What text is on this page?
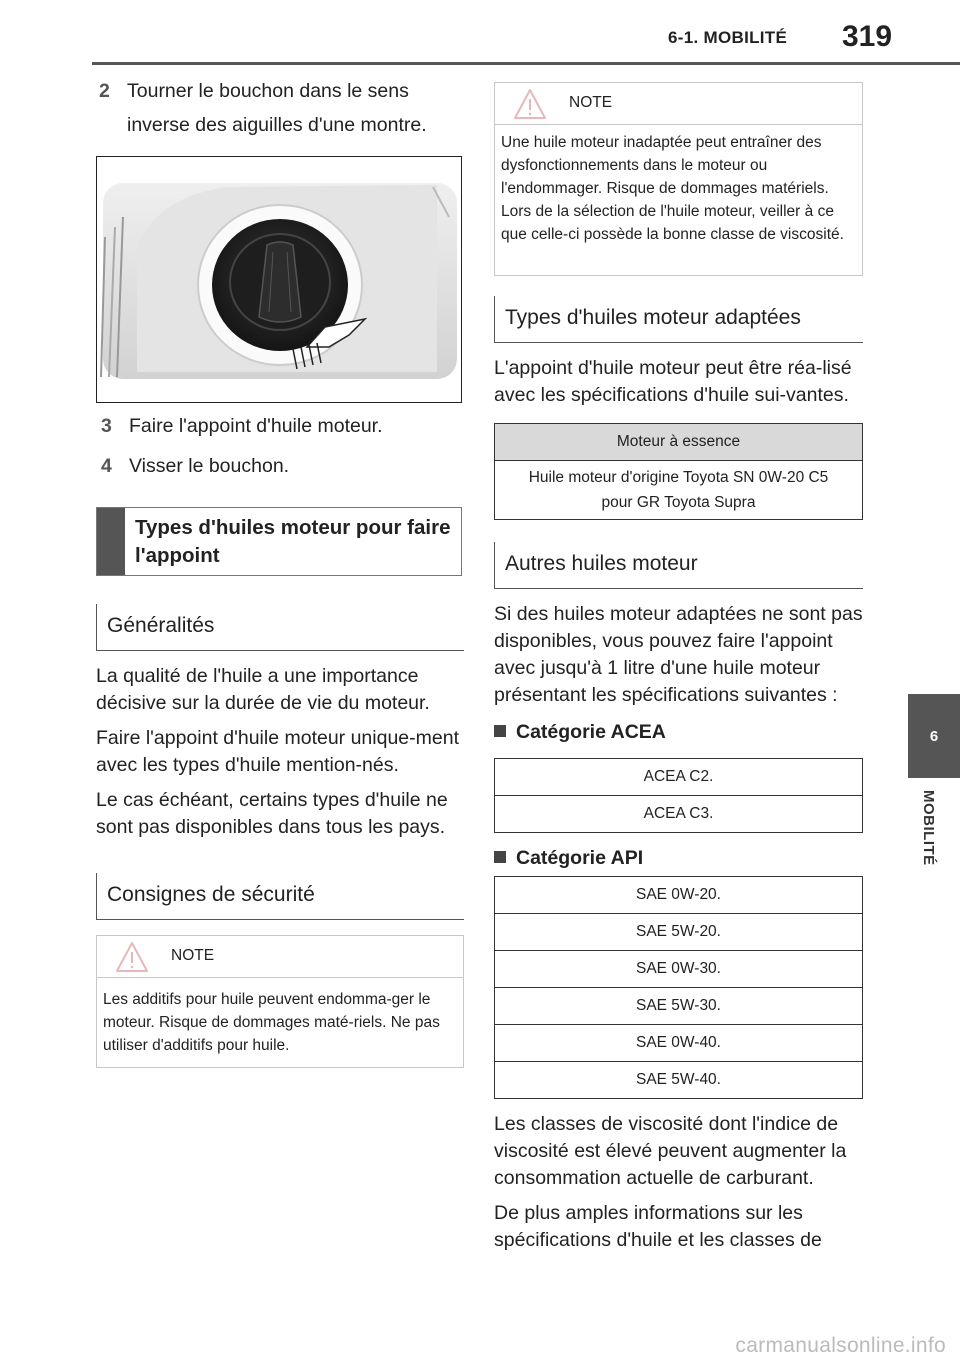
6-1. MOBILITÉ 319
6
MOBILITÉ
2 Tourner le bouchon dans le sens inverse des aiguilles d'une montre.
3 Faire l'appoint d'huile moteur.
4 Visser le bouchon.
Types d'huiles moteur pour faire l'appoint
Généralités

La qualité de l'huile a une importance décisive sur la durée de vie du moteur.

Faire l'appoint d'huile moteur unique-ment avec les types d'huile mention-nés.

Le cas échéant, certains types d'huile ne sont pas disponibles dans tous les pays.

Consignes de sécurité
NOTE
Les additifs pour huile peuvent endomma-ger le moteur. Risque de dommages maté-riels. Ne pas utiliser d'additifs pour huile.
NOTE
Une huile moteur inadaptée peut entraîner des dysfonctionnements dans le moteur ou l'endommager. Risque de dommages matériels. Lors de la sélection de l'huile moteur, veiller à ce que celle-ci possède la bonne classe de viscosité.
Types d'huiles moteur adaptées

L'appoint d'huile moteur peut être réa-lisé avec les spécifications d'huile sui-vantes.

Moteur à essence

Huile moteur d'origine Toyota SN 0W-20 C5
pour GR Toyota Supra
Autres huiles moteur

Si des huiles moteur adaptées ne sont pas disponibles, vous pouvez faire l'appoint avec jusqu'à 1 litre d'une huile moteur présentant les spécifications suivantes :

Catégorie ACEA
ACEA C2.
ACEA C3.
Catégorie API
SAE 0W-20.
SAE 5W-20.
SAE 0W-30.
SAE 5W-30.
SAE 0W-40.
SAE 5W-40.

Les classes de viscosité dont l'indice de viscosité est élevé peuvent augmenter la consommation actuelle de carburant.

De plus amples informations sur les spécifications d'huile et les classes de

carmanualsonline.info
